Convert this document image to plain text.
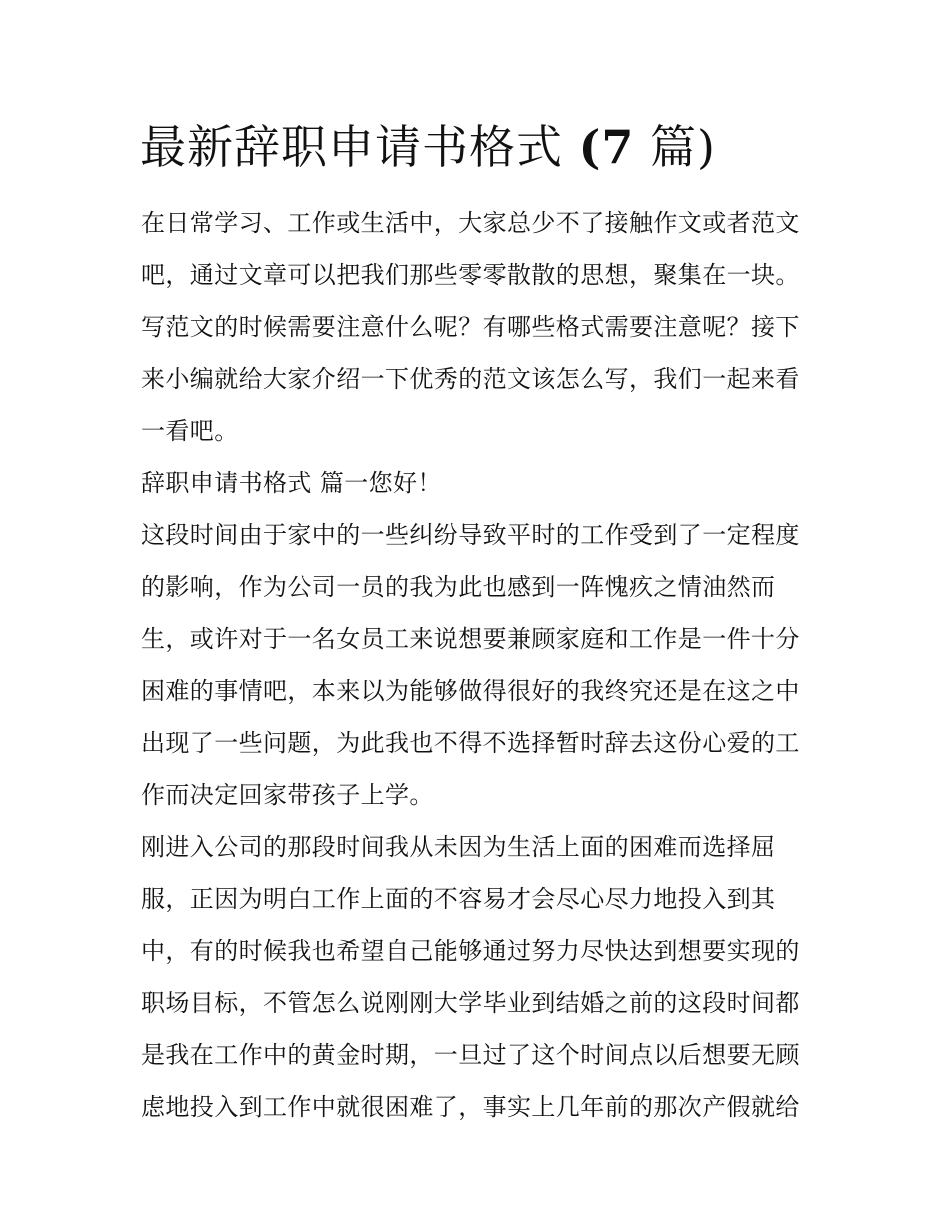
最新辞职申请书格式 (7 篇)
在日常学习、工作或生活中，大家总少不了接触作文或者范文
吧，通过文章可以把我们那些零零散散的思想，聚集在一块。
写范文的时候需要注意什么呢？有哪些格式需要注意呢？接下
来小编就给大家介绍一下优秀的范文该怎么写，我们一起来看
一看吧。
辞职申请书格式 篇一您好！
这段时间由于家中的一些纠纷导致平时的工作受到了一定程度
的影响，作为公司一员的我为此也感到一阵愧疚之情油然而
生，或许对于一名女员工来说想要兼顾家庭和工作是一件十分
困难的事情吧，本来以为能够做得很好的我终究还是在这之中
出现了一些问题，为此我也不得不选择暂时辞去这份心爱的工
作而决定回家带孩子上学。
刚进入公司的那段时间我从未因为生活上面的困难而选择屈
服，正因为明白工作上面的不容易才会尽心尽力地投入到其
中，有的时候我也希望自己能够通过努力尽快达到想要实现的
职场目标，不管怎么说刚刚大学毕业到结婚之前的这段时间都
是我在工作中的黄金时期，一旦过了这个时间点以后想要无顾
虑地投入到工作中就很困难了，事实上几年前的那次产假就给
